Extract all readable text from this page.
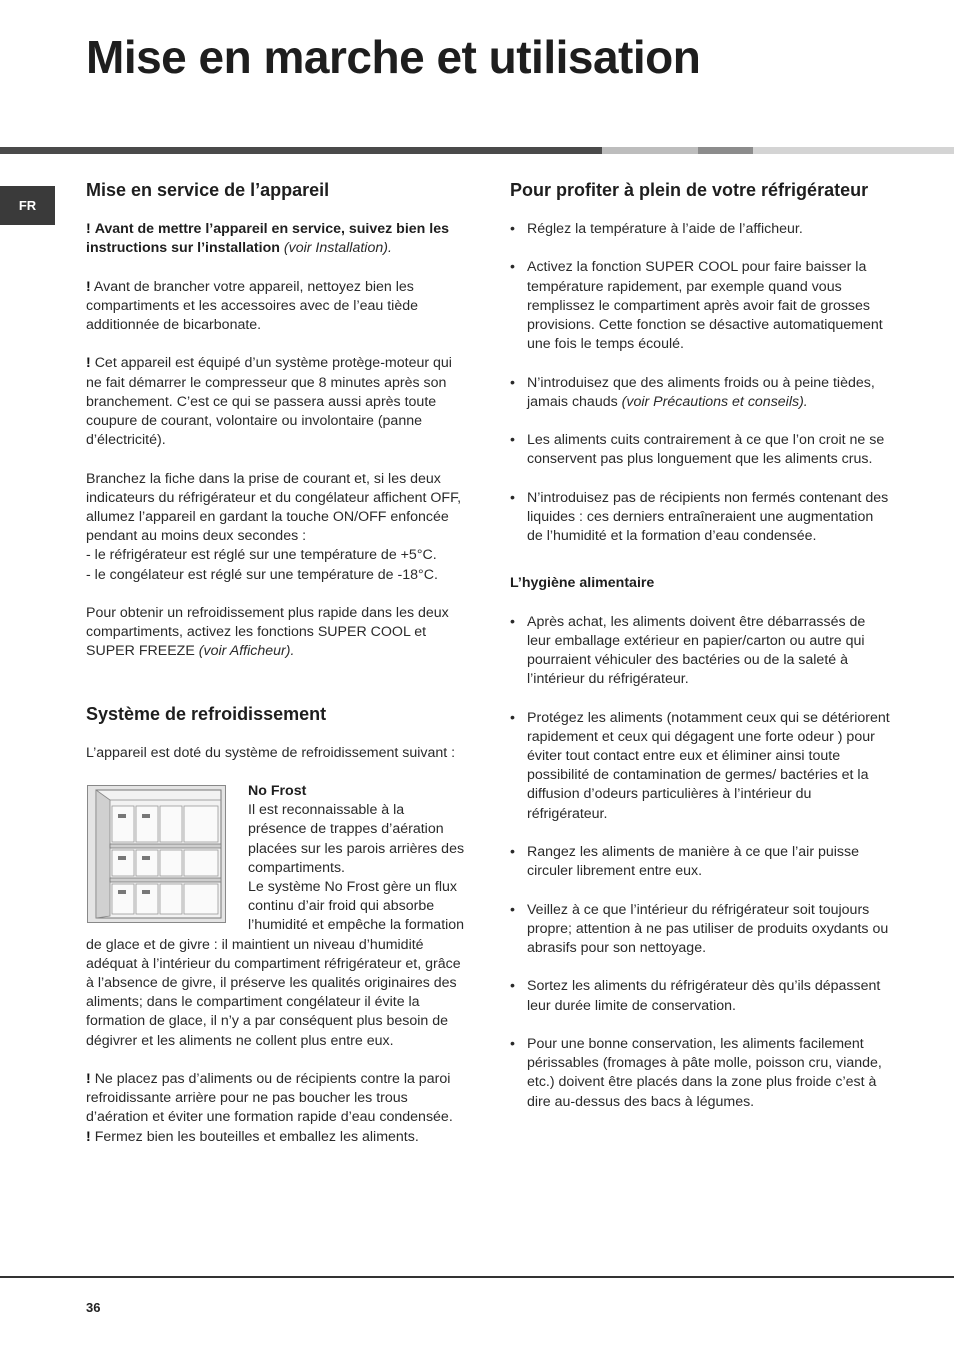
Mise en marche et utilisation
FR
Mise en service de l’appareil

! Avant de mettre l’appareil en service, suivez bien les instructions sur l’installation (voir Installation).

! Avant de brancher votre appareil, nettoyez bien les compartiments et les accessoires avec de l’eau tiède additionnée de bicarbonate.

! Cet appareil est équipé d’un système protège-moteur qui ne fait démarrer le compresseur que 8 minutes après son branchement. C’est ce qui se passera aussi après toute coupure de courant, volontaire ou involontaire (panne d’électricité).

Branchez la fiche dans la prise de courant et, si les deux indicateurs du réfrigérateur et du congélateur affichent OFF, allumez l’appareil en gardant la touche ON/OFF enfoncée pendant au moins deux secondes :
- le réfrigérateur est réglé sur une température de +5°C.
- le congélateur est réglé sur une température de -18°C.

Pour obtenir un refroidissement plus rapide dans les deux compartiments, activez les fonctions SUPER COOL et SUPER FREEZE (voir Afficheur).

Système de refroidissement

L’appareil est doté du système de refroidissement suivant :

No Frost
Il est reconnaissable à la présence de trappes d’aération placées sur les parois arrières des compartiments.
Le système No Frost gère un flux continu d’air froid qui absorbe l’humidité et empêche la formation de glace et de givre : il maintient un niveau d’humidité adéquat à l’intérieur du compartiment réfrigérateur et, grâce à l’absence de givre, il préserve les qualités originaires des aliments; dans le compartiment congélateur il évite la formation de glace, il n’y a par conséquent plus besoin de dégivrer et les aliments ne collent plus entre eux.

! Ne placez pas d’aliments ou de récipients contre la paroi refroidissante arrière pour ne pas boucher les trous d’aération et éviter une formation rapide d’eau condensée.

! Fermez bien les bouteilles et emballez les aliments.

Pour profiter à plein de votre réfrigérateur
• Réglez la température à l’aide de l’afficheur.
• Activez la fonction SUPER COOL pour faire baisser la température rapidement, par exemple quand vous remplissez le compartiment après avoir fait de grosses provisions. Cette fonction se désactive automatiquement une fois le temps écoulé.
• N’introduisez que des aliments froids ou à peine tièdes, jamais chauds (voir Précautions et conseils).
• Les aliments cuits contrairement à ce que l’on croit ne se conservent pas plus longuement que les aliments crus.
• N’introduisez pas de récipients non fermés contenant des liquides : ces derniers entraîneraient une augmentation de l’humidité et la formation d’eau condensée.
L’hygiène alimentaire
• Après achat, les aliments doivent être débarrassés de leur emballage extérieur en papier/carton ou autre qui pourraient véhiculer des bactéries ou de la saleté à l’intérieur du réfrigérateur.
• Protégez les aliments (notamment ceux qui se détériorent rapidement et ceux qui dégagent une forte odeur ) pour éviter tout contact entre eux et éliminer ainsi toute possibilité de contamination de germes/ bactéries et la diffusion d’odeurs particulières à l’intérieur du réfrigérateur.
• Rangez les aliments de manière à ce que l’air puisse circuler librement entre eux.
• Veillez à ce que l’intérieur du réfrigérateur soit toujours propre; attention à ne pas utiliser de produits oxydants ou abrasifs pour son nettoyage.
• Sortez les aliments du réfrigérateur dès qu’ils dépassent leur durée limite de conservation.
• Pour une bonne conservation, les aliments facilement périssables (fromages à pâte molle, poisson cru, viande, etc.) doivent être placés dans la zone plus froide c’est à dire au-dessus des bacs à légumes.
36
